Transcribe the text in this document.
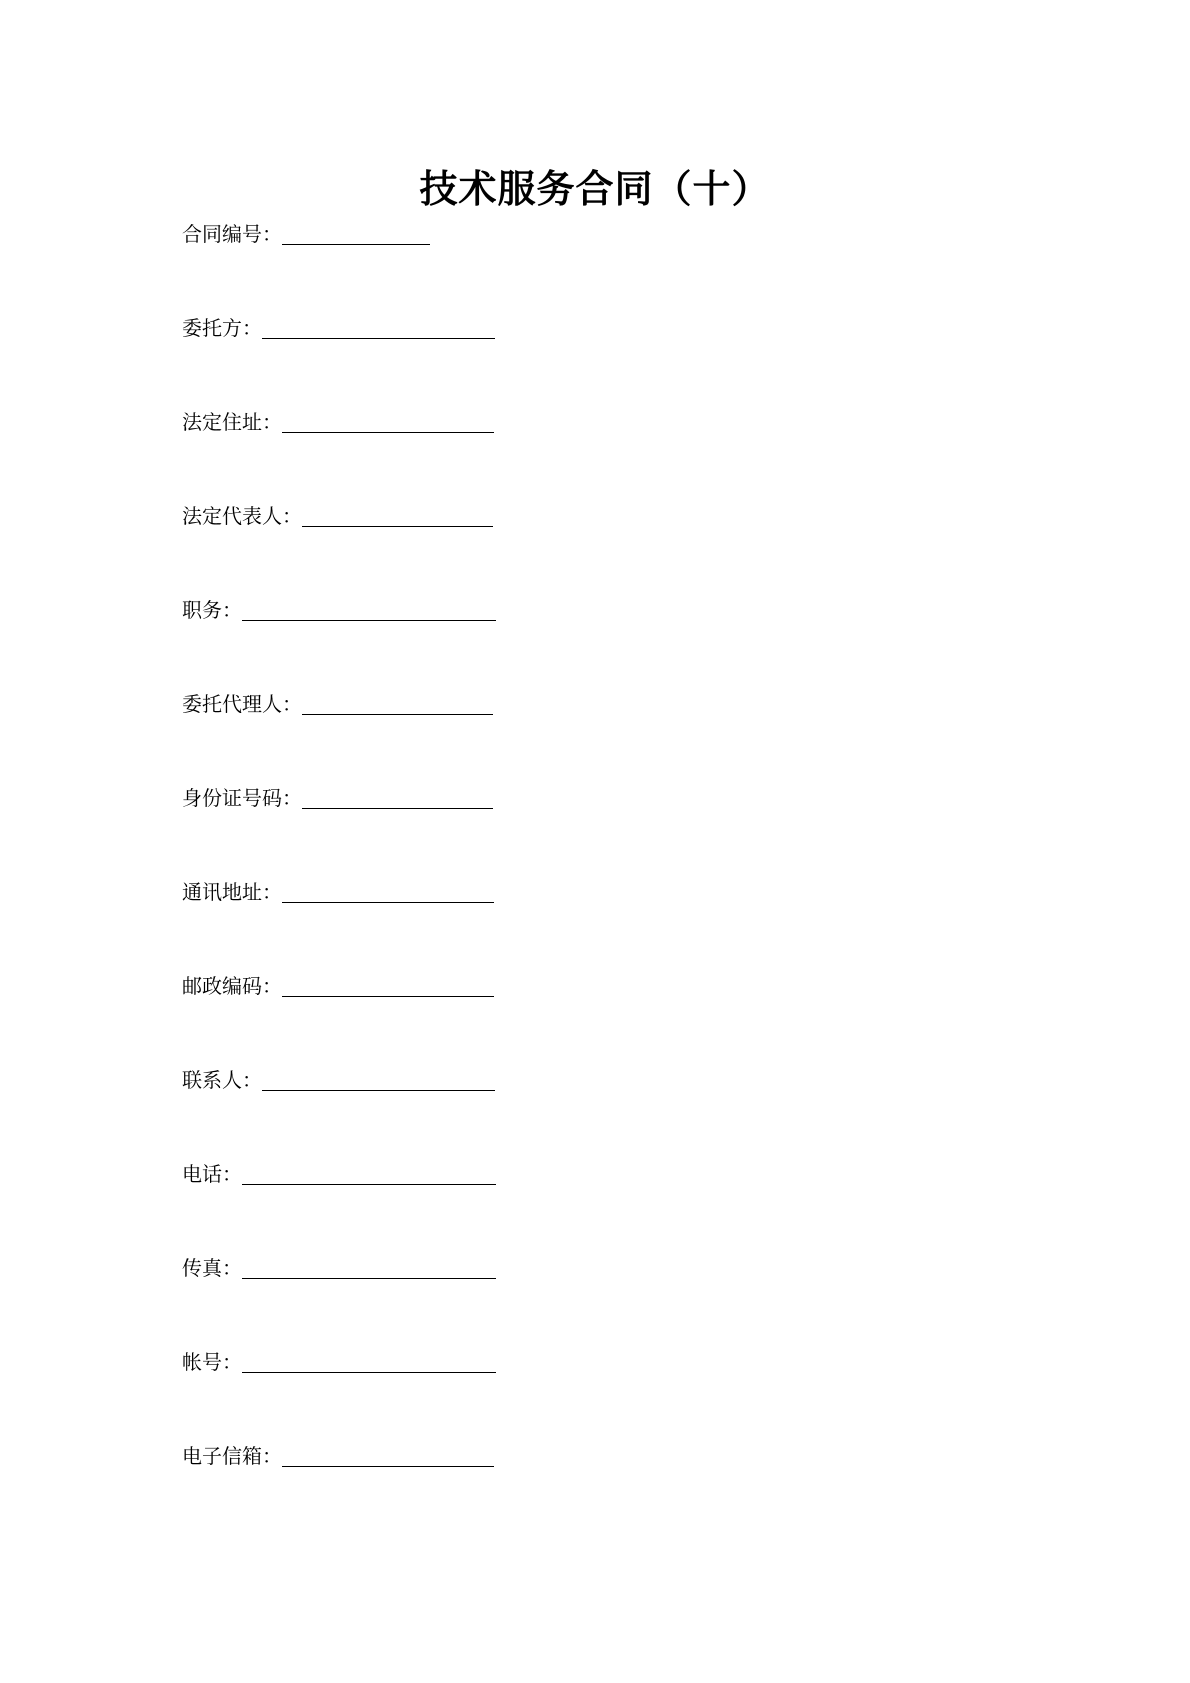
技术服务合同（十）
合同编号：
委托方：
法定住址：
法定代表人：
职务：
委托代理人：
身份证号码：
通讯地址：
邮政编码：
联系人：
电话：
传真：
帐号：
电子信箱：
